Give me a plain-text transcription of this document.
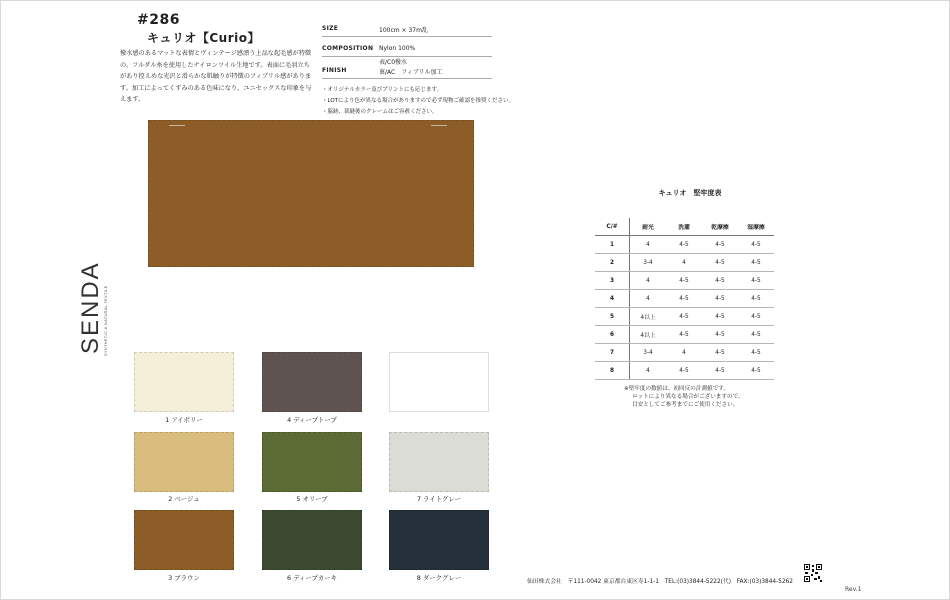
#286
キュリオ【Curio】
撥水感のあるマットな表情とヴィンテージ感漂う上品な起毛感が特徴の、フルダル糸を使用したナイロンツイル生地です。表面に毛羽立ちがあり控えめな光沢と滑らかな肌触りが特徴のフィブリル感があります。加工によってくすみのある色味になり、ユニセックスな印象を与えます。
SIZE	100cm × 37m乱
COMPOSITION Nylon 100%
表/C0撥水
FINISH	裏/AC　フィブリル加工
・オリジナルカラー及びプリントにも応じます。
・LOTにより色が異なる場合がありますので必ず現物ご確認を推奨ください。
・脇跡、裁縫後のクレームはご容赦ください。
SENDA SYNTHETIC & NATURAL TEXTILE
1 アイボリー	4 ディープトープ
2 ベージュ	5 オリーブ	7 ライトグレー
3 ブラウン	6 ディープカーキ	8 ダークグレー
キュリオ　堅牢度表
C/#	耐光	洗濯	乾摩擦	湿摩擦
1	4	4-5	4-5	4-5
2	3-4	4	4-5	4-5
3	4	4-5	4-5	4-5
4	4	4-5	4-5	4-5
5	4以上	4-5	4-5	4-5
6	4以上	4-5	4-5	4-5
7	3-4	4	4-5	4-5
8	4	4-5	4-5	4-5
※堅牢度の数値は、初回反の計測値です。
ロットにより異なる場合がございますので、
目安としてご参考までにご使用ください。
仙田株式会社　〒111-0042 東京都台東区寿1-1-1　TEL:(03)3844-5222(代)　FAX:(03)3844-5262
Rev.1
